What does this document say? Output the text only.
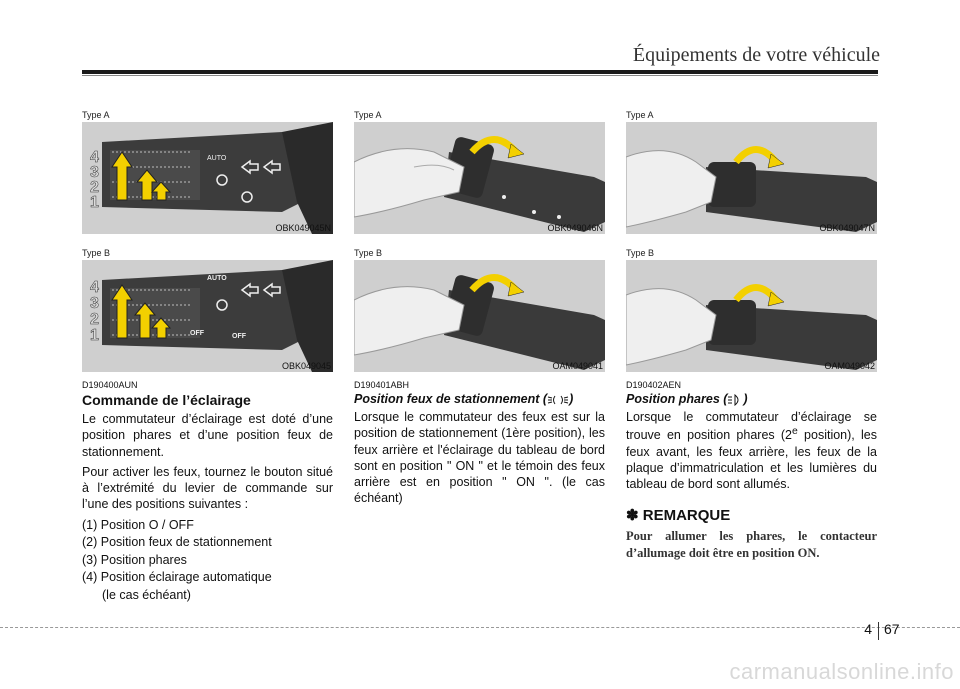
Équipements de votre véhicule
Type A
4
3
2
1
AUTO
OBK049045N
Type B
4
3
2
1
AUTO
OFF	OFF
OBK049045
D190400AUN
Commande de l’éclairage

Le commutateur d’éclairage est doté d’une position phares et d’une position feux de stationnement.

Pour activer les feux, tournez le bouton situé à l’extrémité du levier de commande sur l’une des positions suivantes :

(1) Position O / OFF
(2) Position feux de stationnement
(3) Position phares
(4) Position éclairage automatique
(le cas échéant)
Type A
OBK049046N
Type B
OAM049041
D190401ABH
Position feux de stationnement ( )

Lorsque le commutateur des feux est sur la position de stationnement (1ère position), les feux arrière et l'éclairage du tableau de bord sont en position " ON " et le témoin des feux arrière est en position " ON ". (le cas échéant)

Type A
OBK049047N
Type B
OAM049042
D190402AEN
Position phares ( )

Lorsque le commutateur d’éclairage se trouve en position phares (2e position), les feux avant, les feux arrière, les feux de la plaque d’immatriculation et les lumières du tableau de bord sont allumés.

✽ REMARQUE
Pour allumer les phares, le contacteur d’allumage doit être en position ON.
4 67
carmanualsonline.info
